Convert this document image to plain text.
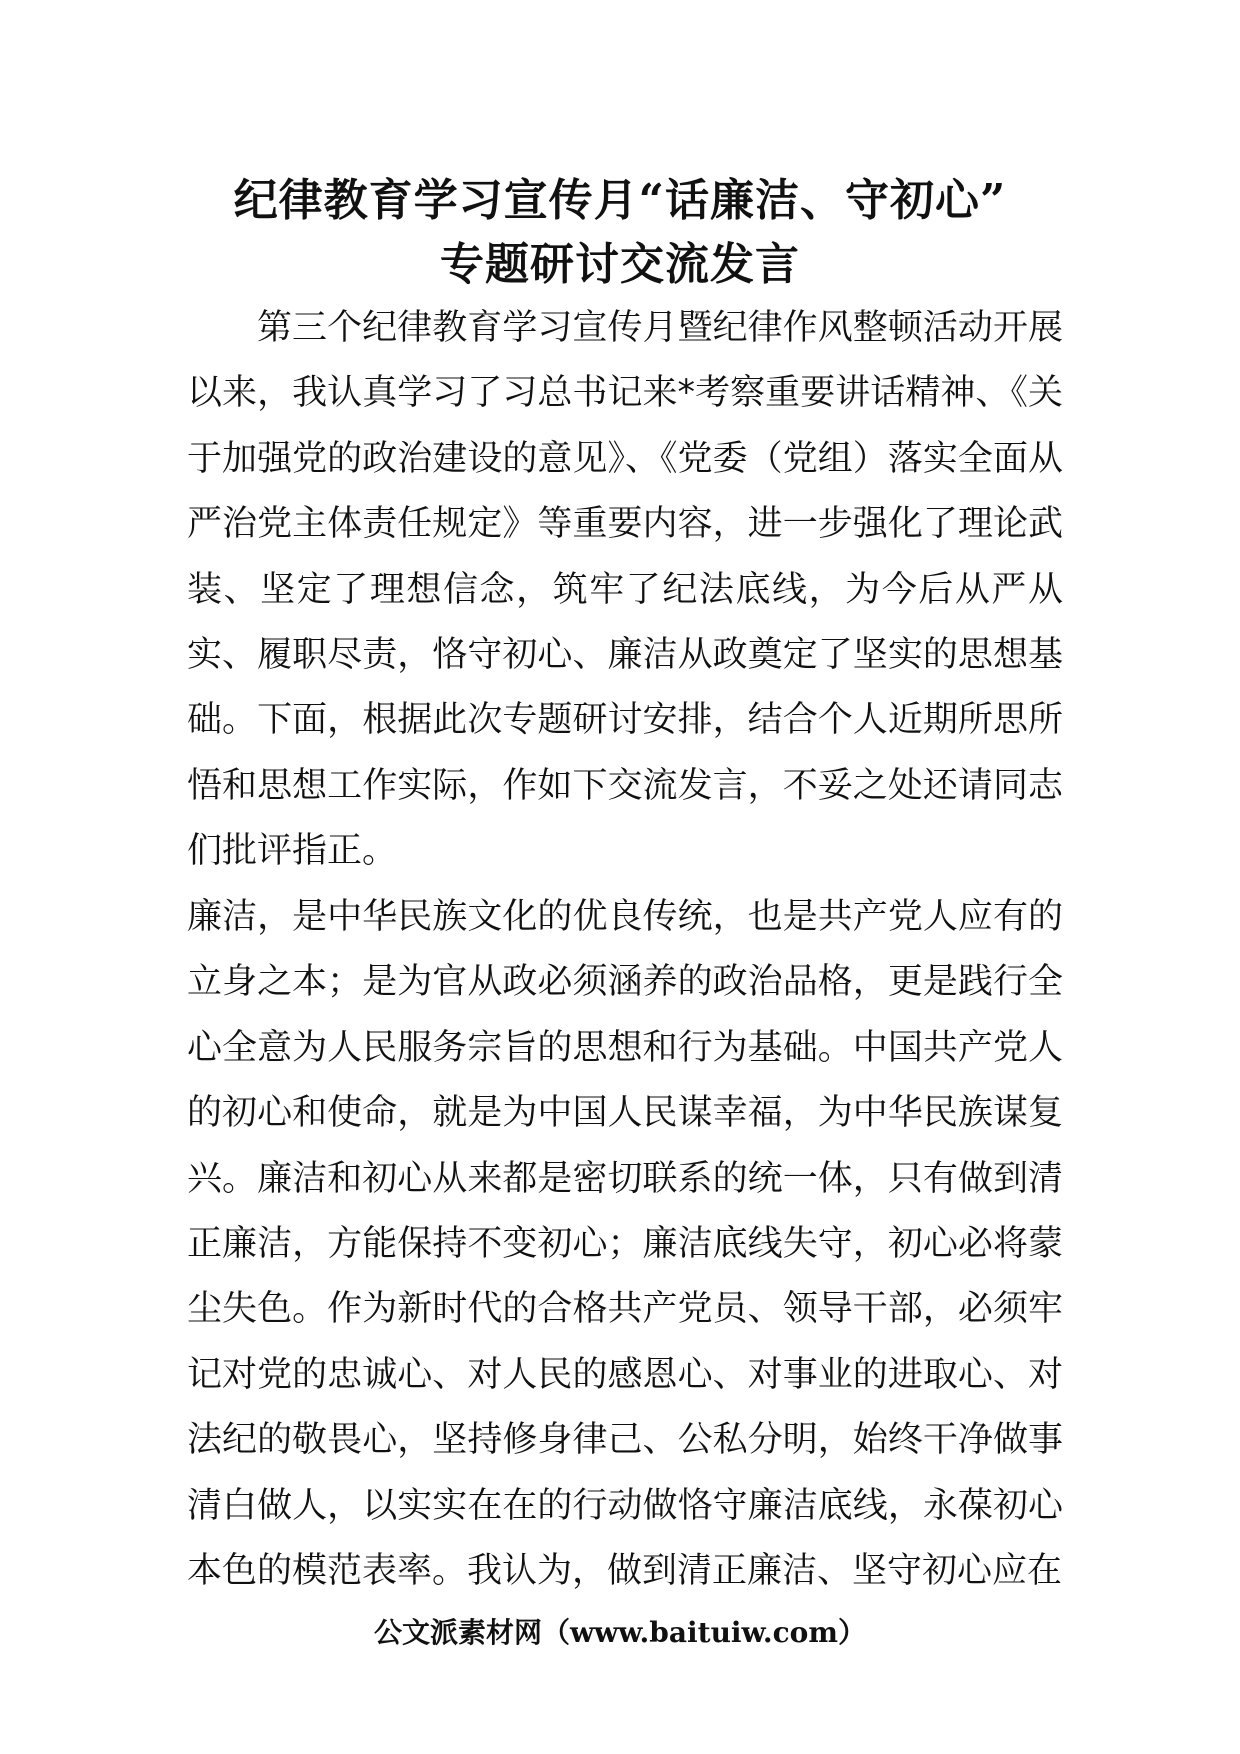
纪律教育学习宣传月“话廉洁、守初心”
专题研讨交流发言

第三个纪律教育学习宣传月暨纪律作风整顿活动开展以来，我认真学习了习总书记来*考察重要讲话精神、《关于加强党的政治建设的意见》、《党委（党组）落实全面从严治党主体责任规定》等重要内容，进一步强化了理论武装、坚定了理想信念，筑牢了纪法底线，为今后从严从实、履职尽责，恪守初心、廉洁从政奠定了坚实的思想基础。下面，根据此次专题研讨安排，结合个人近期所思所悟和思想工作实际，作如下交流发言，不妥之处还请同志们批评指正。

廉洁，是中华民族文化的优良传统，也是共产党人应有的立身之本；是为官从政必须涵养的政治品格，更是践行全心全意为人民服务宗旨的思想和行为基础。中国共产党人的初心和使命，就是为中国人民谋幸福，为中华民族谋复兴。廉洁和初心从来都是密切联系的统一体，只有做到清正廉洁，方能保持不变初心；廉洁底线失守，初心必将蒙尘失色。作为新时代的合格共产党员、领导干部，必须牢记对党的忠诚心、对人民的感恩心、对事业的进取心、对法纪的敬畏心，坚持修身律己、公私分明，始终干净做事清白做人，以实实在在的行动做恪守廉洁底线，永葆初心本色的模范表率。我认为，做到清正廉洁、坚守初心应在

公文派素材网（www.baituiw.com）
